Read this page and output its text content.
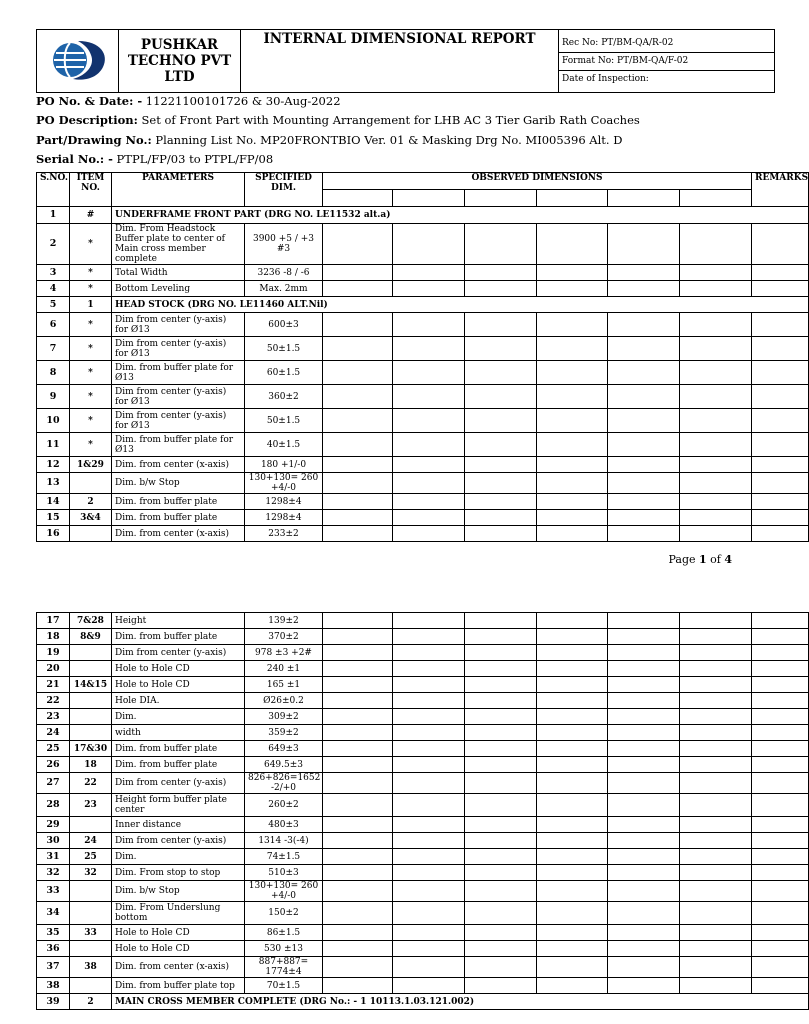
	PUSHKAR TECHNO PVT LTD	INTERNAL DIMENSIONAL REPORT	Rec No: PT/BM-QA/R-02
Format No: PT/BM-QA/F-02
Date of Inspection:
PO No. & Date: - 11221100101726 & 30-Aug-2022
PO Description: Set of Front Part with Mounting Arrangement for LHB AC 3 Tier Garib Rath Coaches
Part/Drawing No.: Planning List No. MP20FRONTBIO Ver. 01 & Masking Drg No. MI005396 Alt. D
Serial No.: - PTPL/FP/03 to PTPL/FP/08
S.NO.	ITEM NO.	PARAMETERS	SPECIFIED DIM.	OBSERVED DIMENSIONS						REMARKS

1	#	UNDERFRAME FRONT PART (DRG NO. LE11532 alt.a)								
2	*	Dim. From Headstock Buffer plate to center of Main cross member complete	3900 +5 / +3 #3							
3	*	Total Width	3236 -8 / -6							
4	*	Bottom Leveling	Max. 2mm							
5	1	HEAD STOCK (DRG NO. LE11460 ALT.Nil)								
6	*	Dim from center (y-axis) for Ø13	600±3							
7	*	Dim from center (y-axis) for Ø13	50±1.5							
8	*	Dim. from buffer plate for Ø13	60±1.5							
9	*	Dim from center (y-axis) for Ø13	360±2							
10	*	Dim from center (y-axis) for Ø13	50±1.5							
11	*	Dim. from buffer plate for Ø13	40±1.5							
12	1&29	Dim. from center (x-axis)	180 +1/-0							
13		Dim. b/w Stop	130+130= 260 +4/-0							
14	2	Dim. from buffer plate	1298±4							
15	3&4	Dim. from buffer plate	1298±4							
16		Dim. from center (x-axis)	233±2							
Page 1 of 4
17	7&28	Height	139±2							
18	8&9	Dim. from buffer plate	370±2							
19		Dim from center (y-axis)	978 ±3 +2#							
20		Hole to Hole CD	240 ±1							
21	14&15	Hole to Hole CD	165 ±1							
22		Hole DIA.	Ø26±0.2							
23		Dim.	309±2							
24		width	359±2							
25	17&30	Dim. from buffer plate	649±3							
26	18	Dim. from buffer plate	649.5±3							
27	22	Dim from center (y-axis)	826+826=1652 -2/+0							
28	23	Height form buffer plate center	260±2							
29		Inner distance	480±3							
30	24	Dim from center (y-axis)	1314 -3(-4)							
31	25	Dim.	74±1.5							
32	32	Dim. From stop to stop	510±3							
33		Dim. b/w Stop	130+130= 260 +4/-0							
34		Dim. From Underslung bottom	150±2							
35	33	Hole to Hole CD	86±1.5							
36		Hole to Hole CD	530 ±13							
37	38	Dim. from center (x-axis)	887+887= 1774±4							
38		Dim. from buffer plate top	70±1.5							
39	2	MAIN CROSS MEMBER COMPLETE (DRG No.: - 1 10113.1.03.121.002)								
